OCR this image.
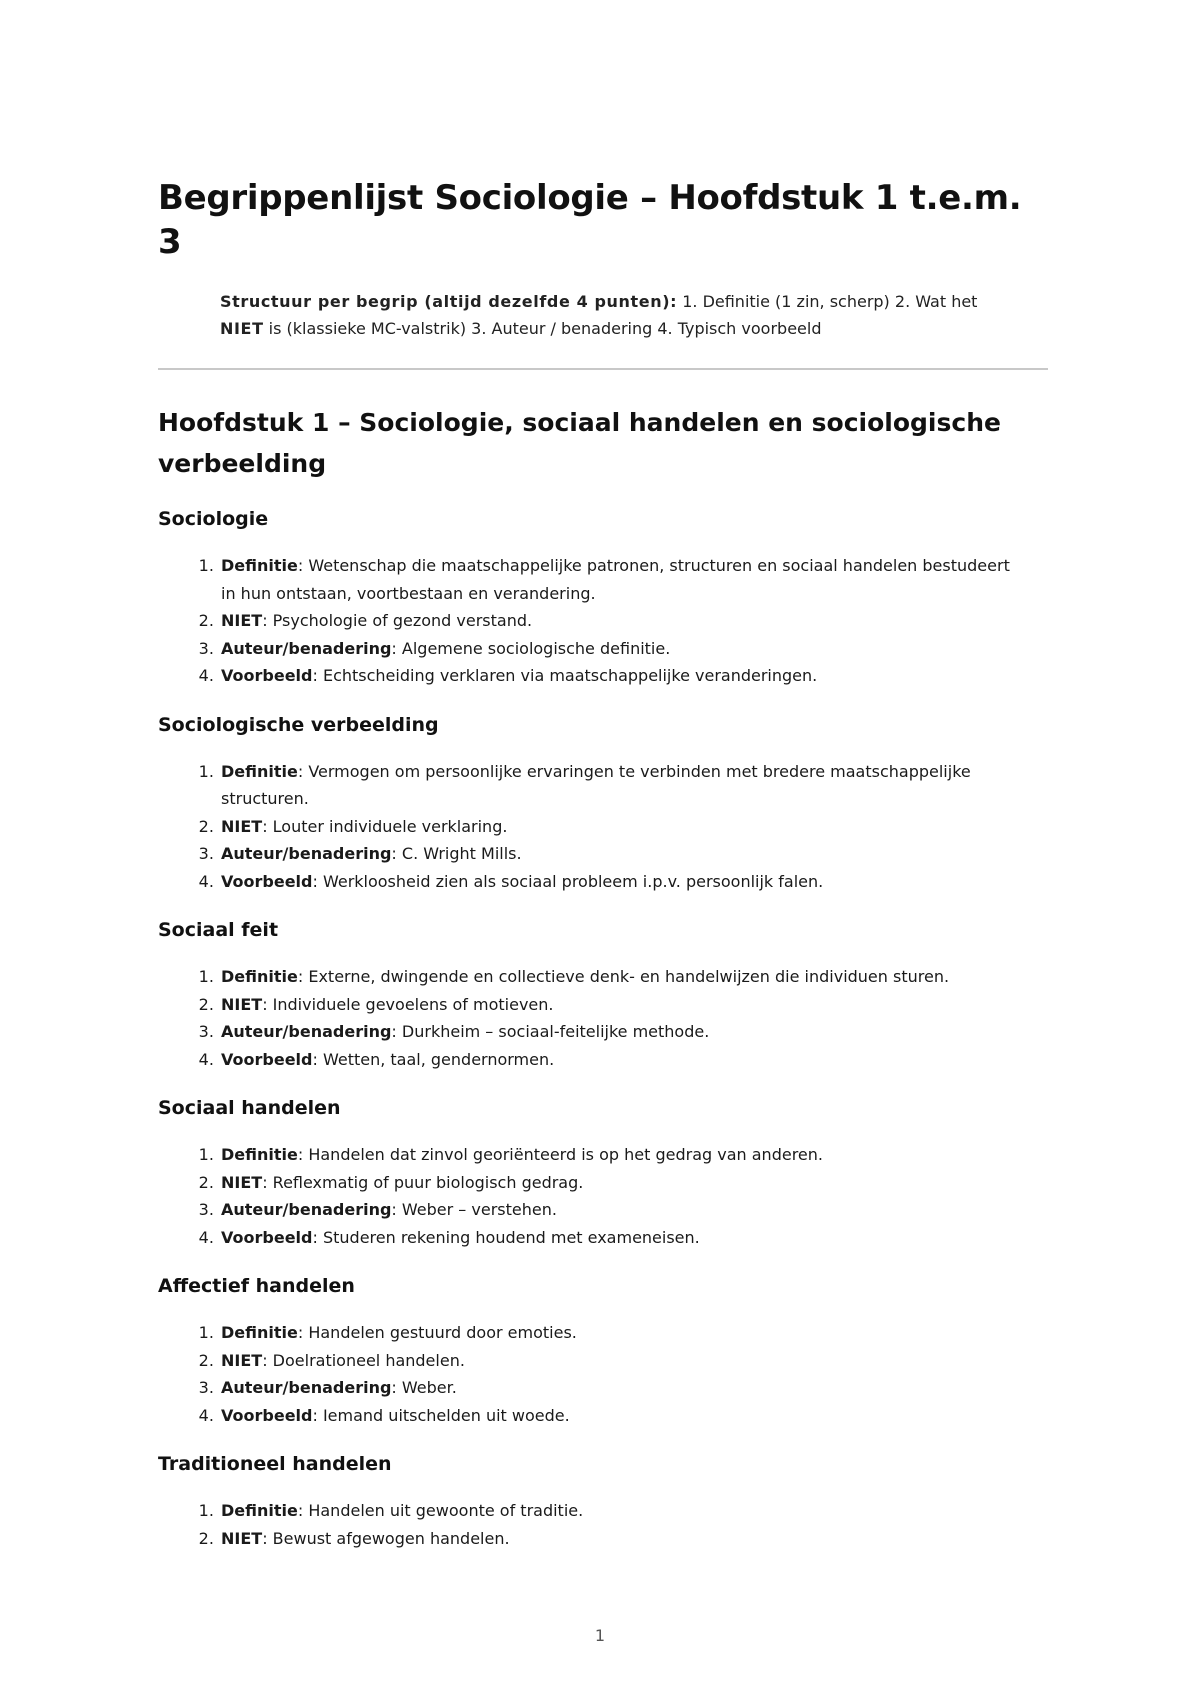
Begrippenlijst Sociologie – Hoofdstuk 1 t.e.m. 3

Structuur per begrip (altijd dezelfde 4 punten): 1. Definitie (1 zin, scherp) 2. Wat het NIET is (klassieke MC-valstrik) 3. Auteur / benadering 4. Typisch voorbeeld

Hoofdstuk 1 – Sociologie, sociaal handelen en sociologische verbeelding
Sociologie
1. Definitie: Wetenschap die maatschappelijke patronen, structuren en sociaal handelen bestudeert in hun ontstaan, voortbestaan en verandering.
2. NIET: Psychologie of gezond verstand.
3. Auteur/benadering: Algemene sociologische definitie.
4. Voorbeeld: Echtscheiding verklaren via maatschappelijke veranderingen.
Sociologische verbeelding
1. Definitie: Vermogen om persoonlijke ervaringen te verbinden met bredere maatschappelijke structuren.
2. NIET: Louter individuele verklaring.
3. Auteur/benadering: C. Wright Mills.
4. Voorbeeld: Werkloosheid zien als sociaal probleem i.p.v. persoonlijk falen.
Sociaal feit
1. Definitie: Externe, dwingende en collectieve denk- en handelwijzen die individuen sturen.
2. NIET: Individuele gevoelens of motieven.
3. Auteur/benadering: Durkheim – sociaal-feitelijke methode.
4. Voorbeeld: Wetten, taal, gendernormen.
Sociaal handelen
1. Definitie: Handelen dat zinvol georiënteerd is op het gedrag van anderen.
2. NIET: Reflexmatig of puur biologisch gedrag.
3. Auteur/benadering: Weber – verstehen.
4. Voorbeeld: Studeren rekening houdend met exameneisen.
Affectief handelen
1. Definitie: Handelen gestuurd door emoties.
2. NIET: Doelrationeel handelen.
3. Auteur/benadering: Weber.
4. Voorbeeld: Iemand uitschelden uit woede.
Traditioneel handelen
1. Definitie: Handelen uit gewoonte of traditie.
2. NIET: Bewust afgewogen handelen.
1
